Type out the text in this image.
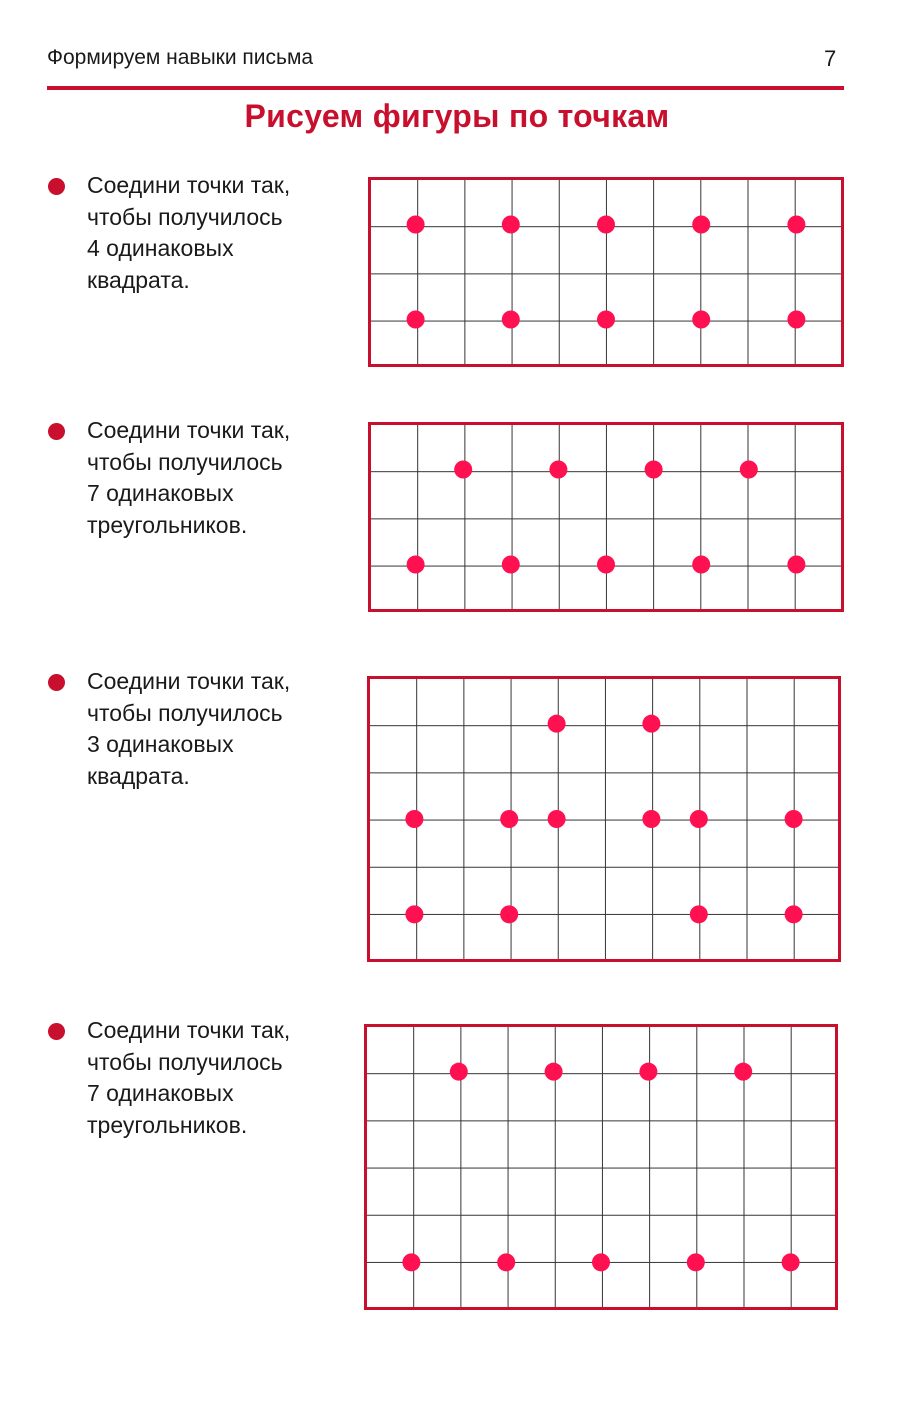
Формируем навыки письма	7
Рисуем фигуры по точкам
Соедини точки так,
чтобы получилось
4 одинаковых
квадрата.
Соедини точки так,
чтобы получилось
7 одинаковых
треугольников.
Соедини точки так,
чтобы получилось
3 одинаковых
квадрата.
Соедини точки так,
чтобы получилось
7 одинаковых
треугольников.
